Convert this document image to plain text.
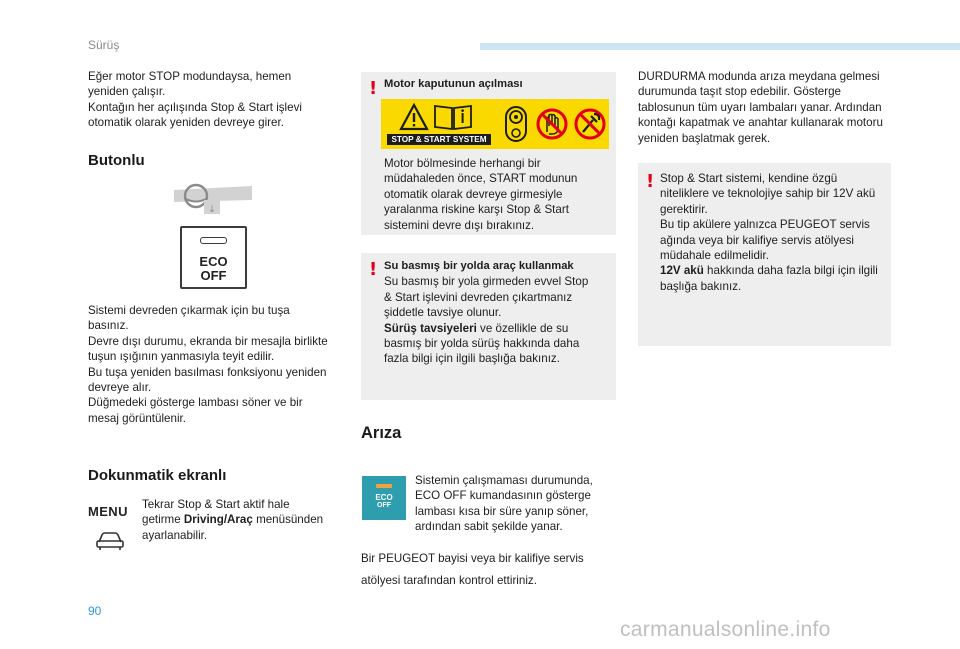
Sürüş
Eğer motor STOP modundaysa, hemen
yeniden çalışır.
Kontağın her açılışında Stop & Start işlevi
otomatik olarak yeniden devreye girer.
Butonlu
↓
ECO
OFF
Sistemi devreden çıkarmak için bu tuşa
basınız.
Devre dışı durumu, ekranda bir mesajla birlikte
tuşun ışığının yanmasıyla teyit edilir.
Bu tuşa yeniden basılması fonksiyonu yeniden
devreye alır.
Düğmedeki gösterge lambası söner ve bir
mesaj görüntülenir.
Dokunmatik ekranlı
MENU Tekrar Stop & Start aktif hale
getirme Driving/Araç menüsünden
ayarlanabilir.
! Motor kaputunun açılması
STOP & START SYSTEM
Motor bölmesinde herhangi bir
müdahaleden önce, START modunun
otomatik olarak devreye girmesiyle
yaralanma riskine karşı Stop & Start
sistemini devre dışı bırakınız.
! Su basmış bir yolda araç kullanmak
Su basmış bir yola girmeden evvel Stop
& Start işlevini devreden çıkartmanız
şiddetle tavsiye olunur.
Sürüş tavsiyeleri ve özellikle de su
basmış bir yolda sürüş hakkında daha
fazla bilgi için ilgili başlığa bakınız.
Arıza
ECO
OFF
Sistemin çalışmaması durumunda,
ECO OFF kumandasının gösterge
lambası kısa bir süre yanıp söner,
ardından sabit şekilde yanar.
Bir PEUGEOT bayisi veya bir kalifiye servis
atölyesi tarafından kontrol ettiriniz.
DURDURMA modunda arıza meydana gelmesi
durumunda taşıt stop edebilir. Gösterge
tablosunun tüm uyarı lambaları yanar. Ardından
kontağı kapatmak ve anahtar kullanarak motoru
yeniden başlatmak gerek.
! Stop & Start sistemi, kendine özgü
niteliklere ve teknolojiye sahip bir 12V akü
gerektirir.
Bu tip akülere yalnızca PEUGEOT servis
ağında veya bir kalifiye servis atölyesi
müdahale edilmelidir.
12V akü hakkında daha fazla bilgi için ilgili
başlığa bakınız.
90
carmanualsonline.info
